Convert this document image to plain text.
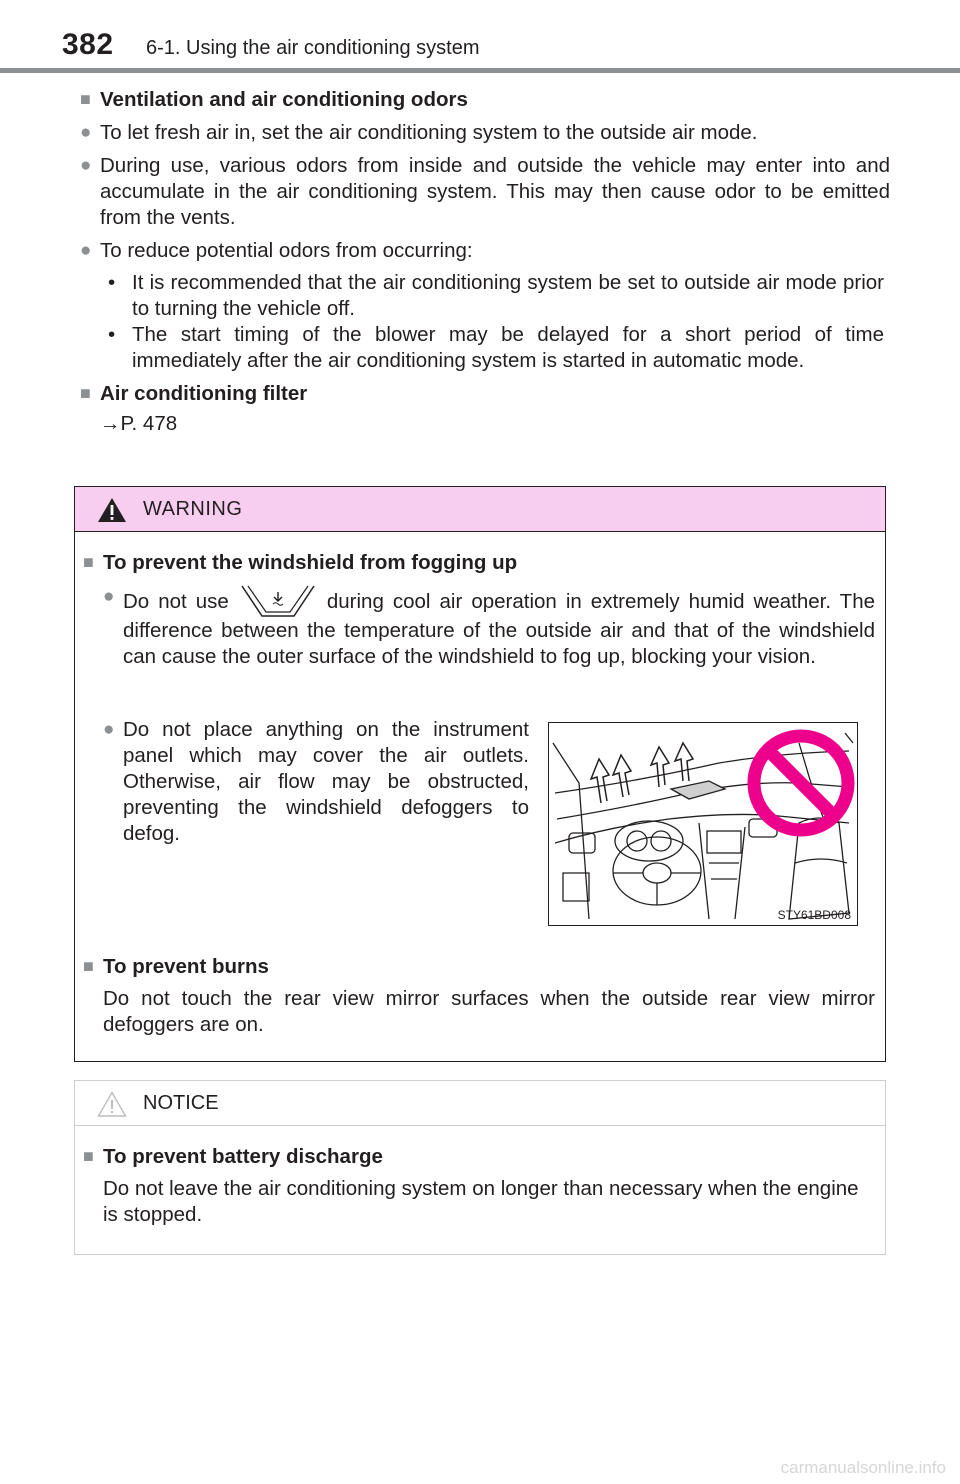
382 6-1. Using the air conditioning system

■ Ventilation and air conditioning odors

● To let fresh air in, set the air conditioning system to the outside air mode.
● During use, various odors from inside and outside the vehicle may enter into and accumulate in the air conditioning system. This may then cause odor to be emitted from the vents.
● To reduce potential odors from occurring:
• It is recommended that the air conditioning system be set to outside air mode prior to turning the vehicle off.
• The start timing of the blower may be delayed for a short period of time immediately after the air conditioning system is started in automatic mode.

■ Air conditioning filter

→P. 478
WARNING

■ To prevent the windshield from fogging up

● Do not use	during cool air operation in extremely humid weather. The difference between the temperature of the outside air and that of the windshield can cause the outer surface of the windshield to fog up, blocking your vision.
● Do not place anything on the instrument panel which may cover the air outlets. Otherwise, air flow may be obstructed, preventing the windshield defoggers to defog.

■ To prevent burns

Do not touch the rear view mirror surfaces when the outside rear view mirror defoggers are on.
STY61BD008
NOTICE

■ To prevent battery discharge

Do not leave the air conditioning system on longer than necessary when the engine is stopped.
carmanualsonline.info
